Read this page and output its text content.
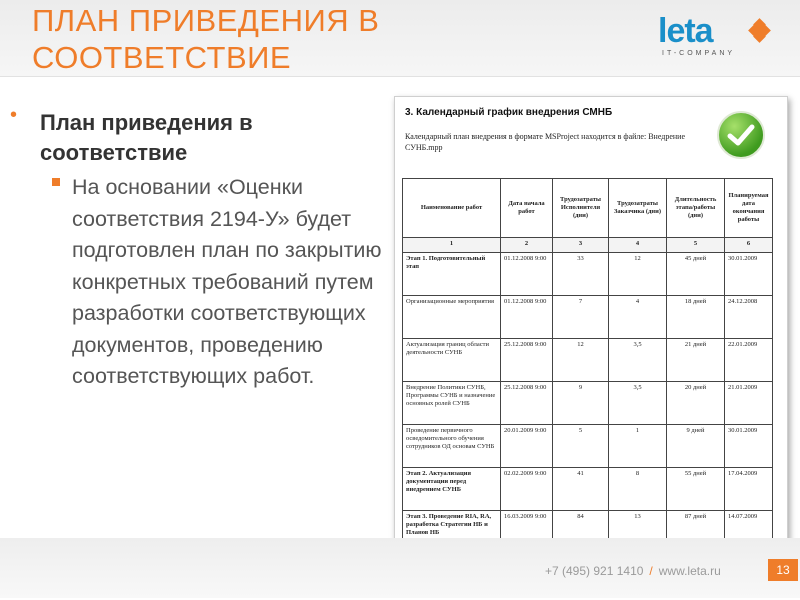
ПЛАН ПРИВЕДЕНИЯ В СООТВЕТСТВИЕ
leta
IT-COMPANY
• План приведения в соответствие
На основании «Оценки соответствия 2194-У» будет подготовлен план по закрытию конкретных требований путем разработки соответствующих документов, проведению соответствующих работ.
3. Календарный график внедрения СМНБ
Календарный план внедрения в формате MSProject находится в файле: Внедрение СУНБ.mpp
Наименование работ	Дата начала работ	Трудозатраты Исполнителя (дни)	Трудозатраты Заказчика (дни)	Длительность этапа/работы (дни)	Планируемая дата окончания работы
1	2	3	4	5	6
Этап 1. Подготовительный этап	01.12.2008 9:00	33	12	45 дней	30.01.2009
Организационные мероприятия	01.12.2008 9:00	7	4	18 дней	24.12.2008
Актуализация границ области деятельности СУНБ	25.12.2008 9:00	12	3,5	21 дней	22.01.2009
Внедрение Политики СУНБ, Программы СУНБ и назначение основных ролей СУНБ	25.12.2008 9:00	9	3,5	20 дней	21.01.2009
Проведение первичного осведомительного обучения сотрудников ОД основам СУНБ	20.01.2009 9:00	5	1	9 дней	30.01.2009
Этап 2. Актуализация документации перед внедрением СУНБ	02.02.2009 9:00	41	8	55 дней	17.04.2009
Этап 3. Проведение RIA, RA, разработка Стратегии НБ и Планов НБ	16.03.2009 9:00	84	13	87 дней	14.07.2009

+7 (495) 921 1410 / www.leta.ru	13
